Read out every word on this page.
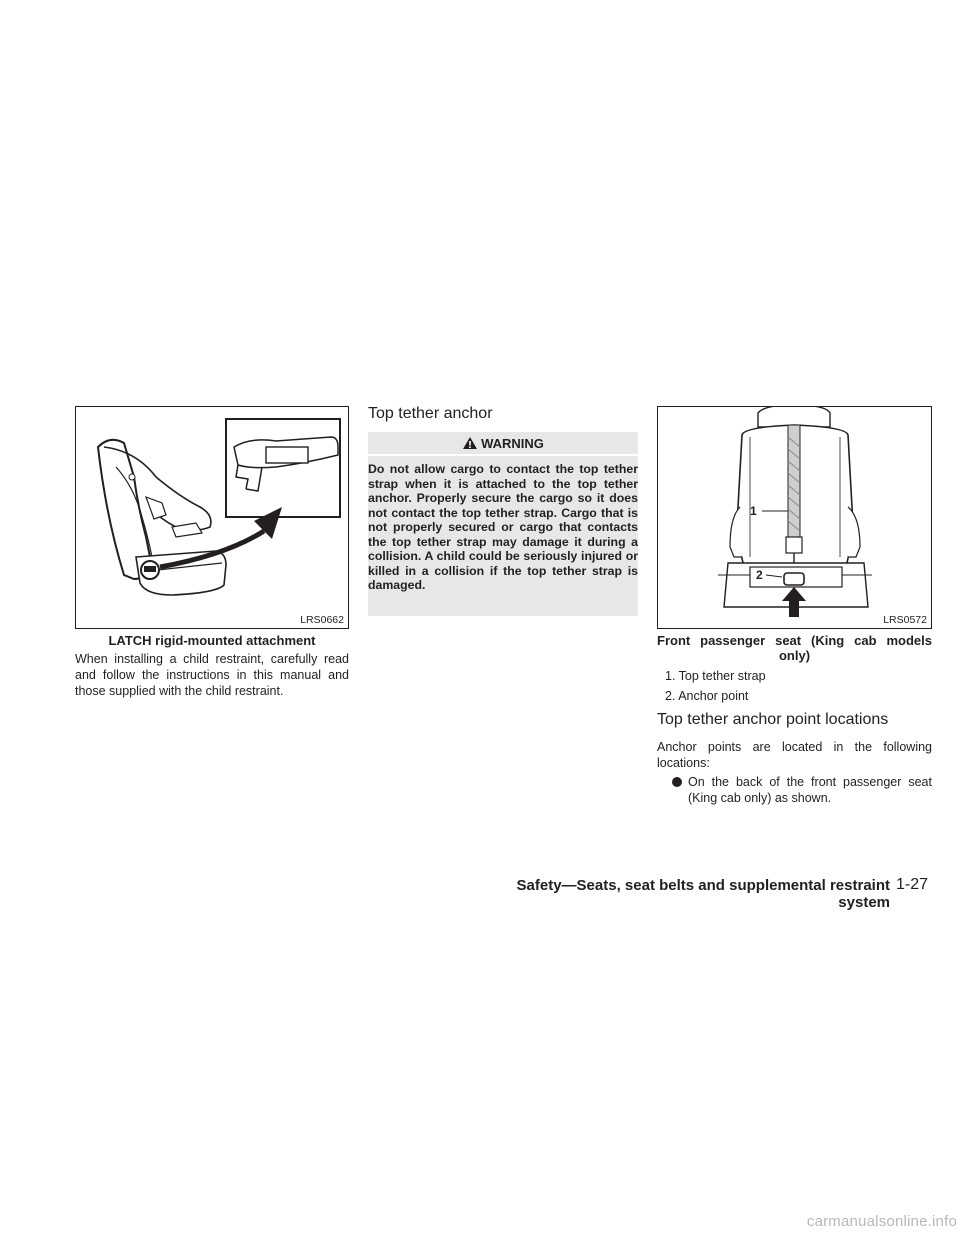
LRS0662
LATCH rigid-mounted attachment
When installing a child restraint, carefully read and follow the instructions in this manual and those supplied with the child restraint.
Top tether anchor
WARNING
Do not allow cargo to contact the top tether strap when it is attached to the top tether anchor. Properly secure the cargo so it does not contact the top tether strap. Cargo that is not properly secured or cargo that contacts the top tether strap may damage it during a collision. A child could be seriously injured or killed in a collision if the top tether strap is damaged.
1
2
LRS0572
Front passenger seat (King cab models only)
1. Top tether strap
2. Anchor point
Top tether anchor point locations
Anchor points are located in the following locations:
On the back of the front passenger seat (King cab only) as shown.
Safety—Seats, seat belts and supplemental restraint system
1-27
carmanualsonline.info
